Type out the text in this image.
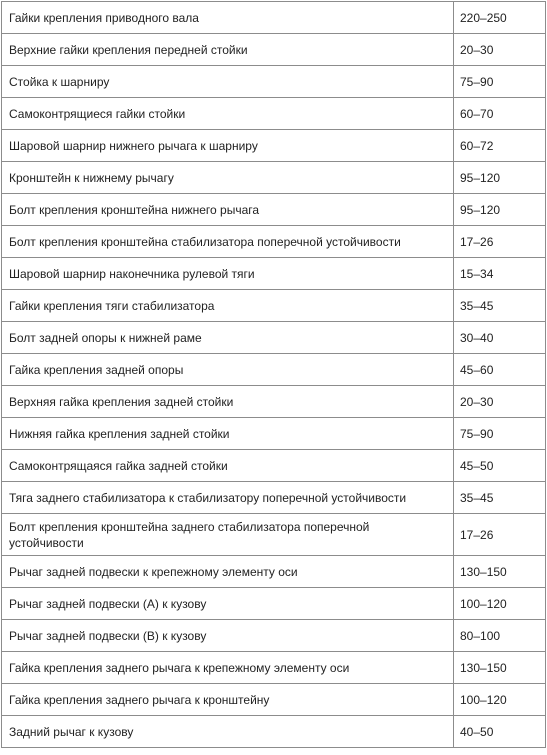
Гайки крепления приводного вала	220–250
Верхние гайки крепления передней стойки	20–30
Стойка к шарниру	75–90
Самоконтрящиеся гайки стойки	60–70
Шаровой шарнир нижнего рычага к шарниру	60–72
Кронштейн к нижнему рычагу	95–120
Болт крепления кронштейна нижнего рычага	95–120
Болт крепления кронштейна стабилизатора поперечной устойчивости	17–26
Шаровой шарнир наконечника рулевой тяги	15–34
Гайки крепления тяги стабилизатора	35–45
Болт задней опоры к нижней раме	30–40
Гайка крепления задней опоры	45–60
Верхняя гайка крепления задней стойки	20–30
Нижняя гайка крепления задней стойки	75–90
Самоконтрящаяся гайка задней стойки	45–50
Тяга заднего стабилизатора к стабилизатору поперечной устойчивости	35–45
Болт крепления кронштейна заднего стабилизатора поперечной устойчивости	17–26
Рычаг задней подвески к крепежному элементу оси	130–150
Рычаг задней подвески (А) к кузову	100–120
Рычаг задней подвески (В) к кузову	80–100
Гайка крепления заднего рычага к крепежному элементу оси	130–150
Гайка крепления заднего рычага к кронштейну	100–120
Задний рычаг к кузову	40–50
